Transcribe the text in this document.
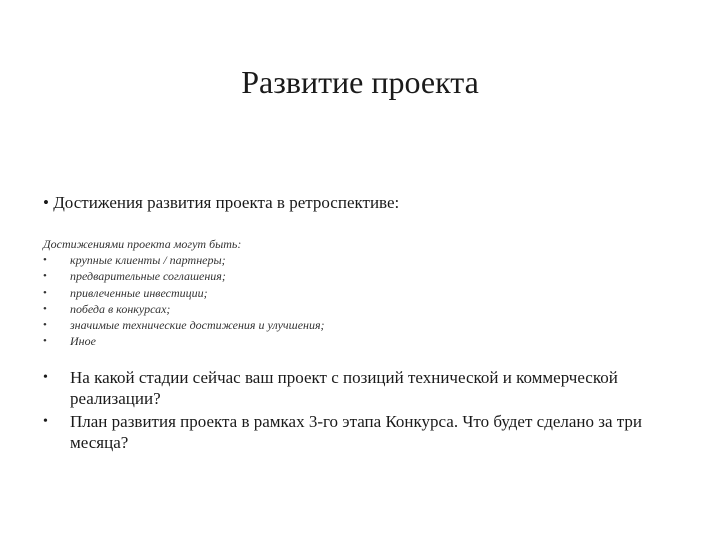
Развитие проекта
• Достижения развития проекта в ретроспективе:
Достижениями проекта могут быть:
• крупные клиенты / партнеры;
• предварительные соглашения;
• привлеченные инвестиции;
• победа в конкурсах;
• значимые технические достижения и улучшения;
• Иное
• На какой стадии сейчас ваш проект с позиций технической и коммерческой реализации?
• План развития проекта в рамках 3-го этапа Конкурса. Что будет сделано за три месяца?
